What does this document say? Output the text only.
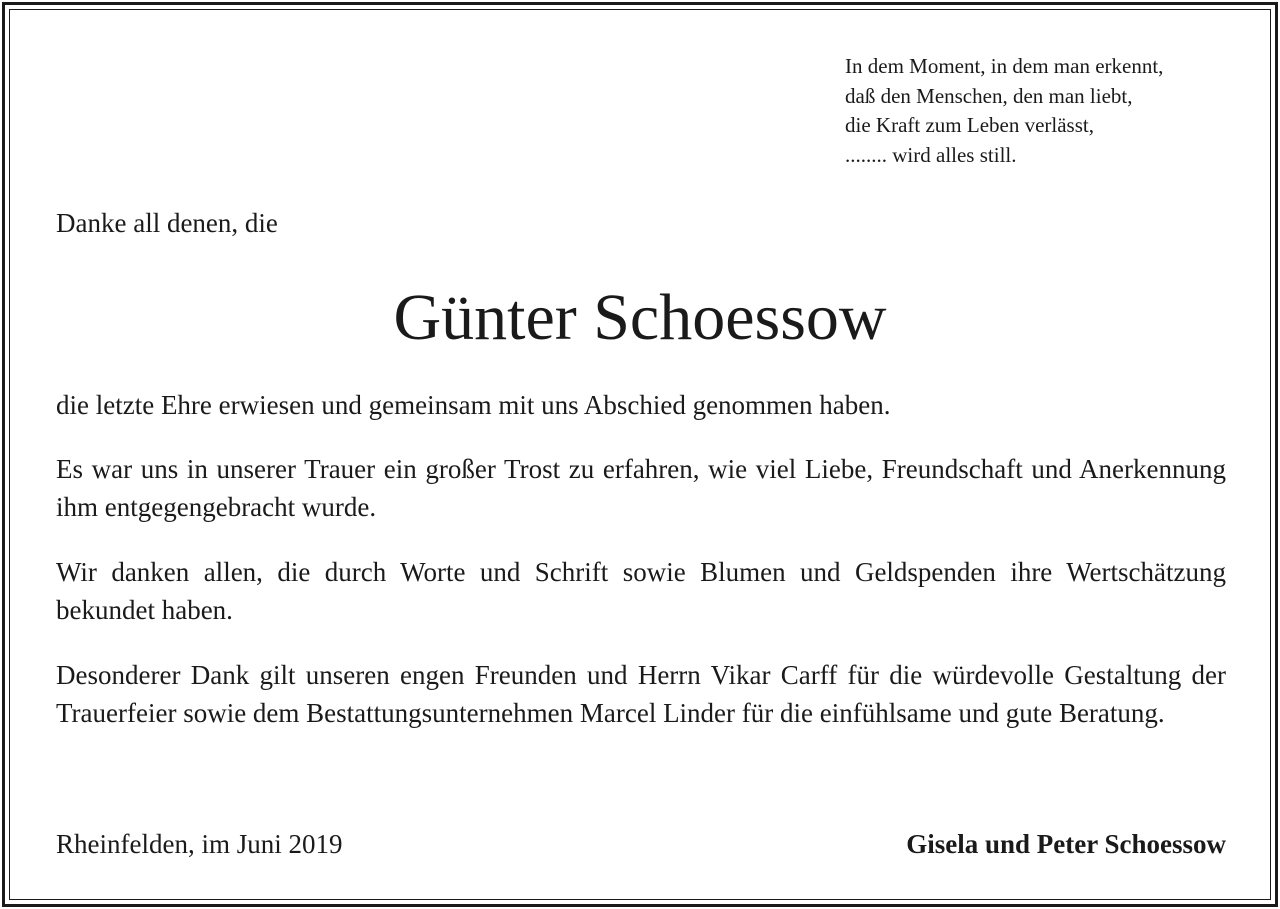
In dem Moment, in dem man erkennt,
daß den Menschen, den man liebt,
die Kraft zum Leben verlässt,
........ wird alles still.
Danke all denen, die
Günter Schoessow

die letzte Ehre erwiesen und gemeinsam mit uns Abschied genommen haben.

Es war uns in unserer Trauer ein großer Trost zu erfahren, wie viel Liebe, Freundschaft und Anerkennung ihm entgegengebracht wurde.

Wir danken allen, die durch Worte und Schrift sowie Blumen und Geldspenden ihre Wertschätzung bekundet haben.

Desonderer Dank gilt unseren engen Freunden und Herrn Vikar Carff für die würdevolle Gestaltung der Trauerfeier sowie dem Bestattungsunternehmen Marcel Linder für die einfühlsame und gute Beratung.

Rheinfelden, im Juni 2019	Gisela und Peter Schoessow
